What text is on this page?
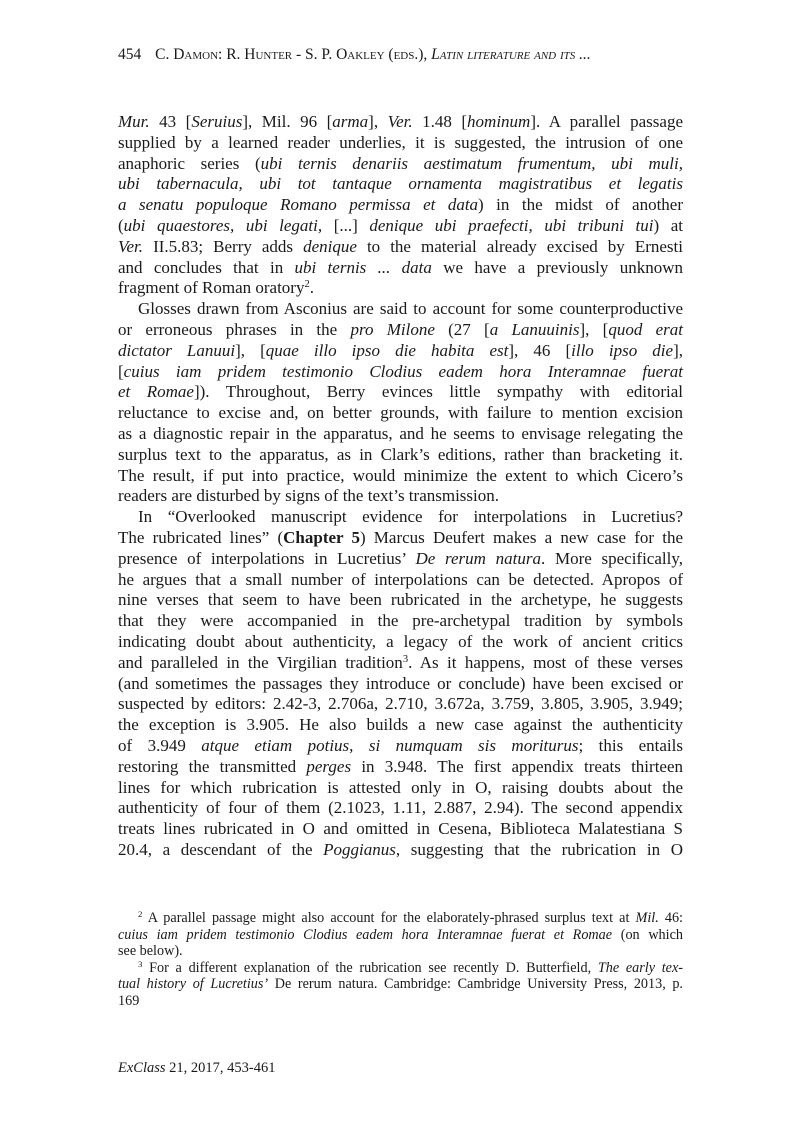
454 C. Damon: R. Hunter - S. P. Oakley (eds.), Latin literature and its ...
Mur. 43 [Seruius], Mil. 96 [arma], Ver. 1.48 [hominum]. A parallel passage
supplied by a learned reader underlies, it is suggested, the intrusion of one
anaphoric series (ubi ternis denariis aestimatum frumentum, ubi muli,
ubi tabernacula, ubi tot tantaque ornamenta magistratibus et legatis
a senatu populoque Romano permissa et data) in the midst of another
(ubi quaestores, ubi legati, [...] denique ubi praefecti, ubi tribuni tui) at
Ver. II.5.83; Berry adds denique to the material already excised by Ernesti
and concludes that in ubi ternis ... data we have a previously unknown
fragment of Roman oratory$^2$.
Glosses drawn from Asconius are said to account for some counterproductive
or erroneous phrases in the pro Milone (27 [a Lanuuinis], [quod erat
dictator Lanuui], [quae illo ipso die habita est], 46 [illo ipso die],
[cuius iam pridem testimonio Clodius eadem hora Interamnae fuerat
et Romae]). Throughout, Berry evinces little sympathy with editorial
reluctance to excise and, on better grounds, with failure to mention excision
as a diagnostic repair in the apparatus, and he seems to envisage relegating the
surplus text to the apparatus, as in Clark’s editions, rather than bracketing it.
The result, if put into practice, would minimize the extent to which Cicero’s
readers are disturbed by signs of the text’s transmission.
In “Overlooked manuscript evidence for interpolations in Lucretius?
The rubricated lines” (Chapter 5) Marcus Deufert makes a new case for the
presence of interpolations in Lucretius’ De rerum natura. More specifically,
he argues that a small number of interpolations can be detected. Apropos of
nine verses that seem to have been rubricated in the archetype, he suggests
that they were accompanied in the pre-archetypal tradition by symbols
indicating doubt about authenticity, a legacy of the work of ancient critics
and paralleled in the Virgilian tradition$^3$. As it happens, most of these verses
(and sometimes the passages they introduce or conclude) have been excised or
suspected by editors: 2.42-3, 2.706a, 2.710, 3.672a, 3.759, 3.805, 3.905, 3.949;
the exception is 3.905. He also builds a new case against the authenticity
of 3.949 atque etiam potius, si numquam sis moriturus; this entails
restoring the transmitted perges in 3.948. The first appendix treats thirteen
lines for which rubrication is attested only in O, raising doubts about the
authenticity of four of them (2.1023, 1.11, 2.887, 2.94). The second appendix
treats lines rubricated in O and omitted in Cesena, Biblioteca Malatestiana S
20.4, a descendant of the Poggianus, suggesting that the rubrication in O
$^2$ A parallel passage might also account for the elaborately-phrased surplus text at Mil. 46:
cuius iam pridem testimonio Clodius eadem hora Interamnae fuerat et Romae (on which
see below).
$^3$ For a different explanation of the rubrication see recently D. Butterfield, The early tex-
tual history of Lucretius’ De rerum natura. Cambridge: Cambridge University Press, 2013, p.
169
ExClass 21, 2017, 453-461
